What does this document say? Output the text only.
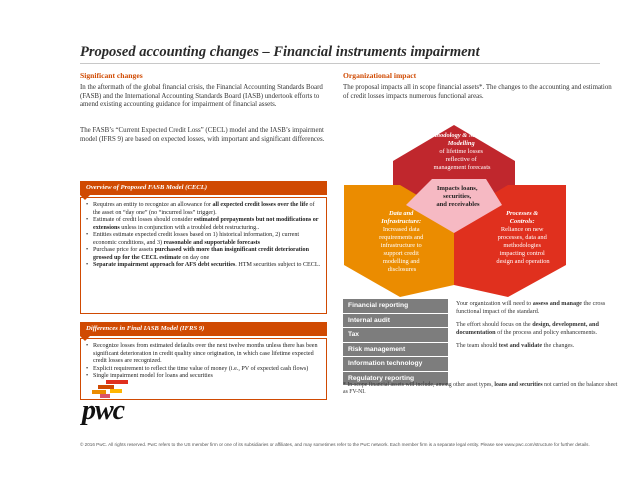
Proposed accounting changes – Financial instruments impairment
Significant changes
In the aftermath of the global financial crisis, the Financial Accounting Standards Board (FASB) and the International Accounting Standards Board (IASB) undertook efforts to amend existing accounting guidance for impairment of financial assets.
The FASB’s “Current Expected Credit Loss” (CECL) model and the IASB’s impairment model (IFRS 9) are based on expected losses, with important and significant differences.
Overview of Proposed FASB Model (CECL)
• Requires an entity to recognize an allowance for all expected credit losses over the life of the asset on “day one” (no “incurred loss” trigger).
• Estimate of credit losses should consider estimated prepayments but not modifications or extensions unless in conjunction with a troubled debt restructuring..
• Entities estimate expected credit losses based on 1) historical information, 2) current economic conditions, and 3) reasonable and supportable forecasts
• Purchase price for assets purchased with more than insignificant credit deterioration grossed up for the CECL estimate on day one
• Separate impairment approach for AFS debt securities. HTM securities subject to CECL.
Differences in Final IASB Model (IFRS 9)
• Recognize losses from estimated defaults over the next twelve months unless there has been significant deterioration in credit quality since origination, in which case lifetime expected credit losses are recognized.
• Explicit requirement to reflect the time value of money (i.e., PV of expected cash flows)
• Single impairment model for loans and securities
Organizational impact
The proposal impacts all in scope financial assets*. The changes to the accounting and estimation of credit losses impacts numerous functional areas.
Methodology & Modeling: Modelling of lifetime losses reflective of management forecasts
Data and Infrastructure: Increased data requirements and infrastructure to support credit modelling and disclosures
Processes & Controls: Reliance on new processes, data and methodologies impacting control design and operation
Impacts loans, securities, and receivables
Financial reporting
Internal audit
Tax
Risk management
Information technology
Regulatory reporting
Your organization will need to assess and manage the cross functional impact of the standard.
The effort should focus on the design, development, and documentation of the process and policy enhancements.
The team should test and validate the changes.
* In-scope financial assets will include, among other asset types, loans and securities not carried on the balance sheet as FV-NI.
pwc
© 2016 PwC. All rights reserved. PwC refers to the US member firm or one of its subsidiaries or affiliates, and may sometimes refer to the PwC network. Each member firm is a separate legal entity. Please see www.pwc.com/structure for further details.
